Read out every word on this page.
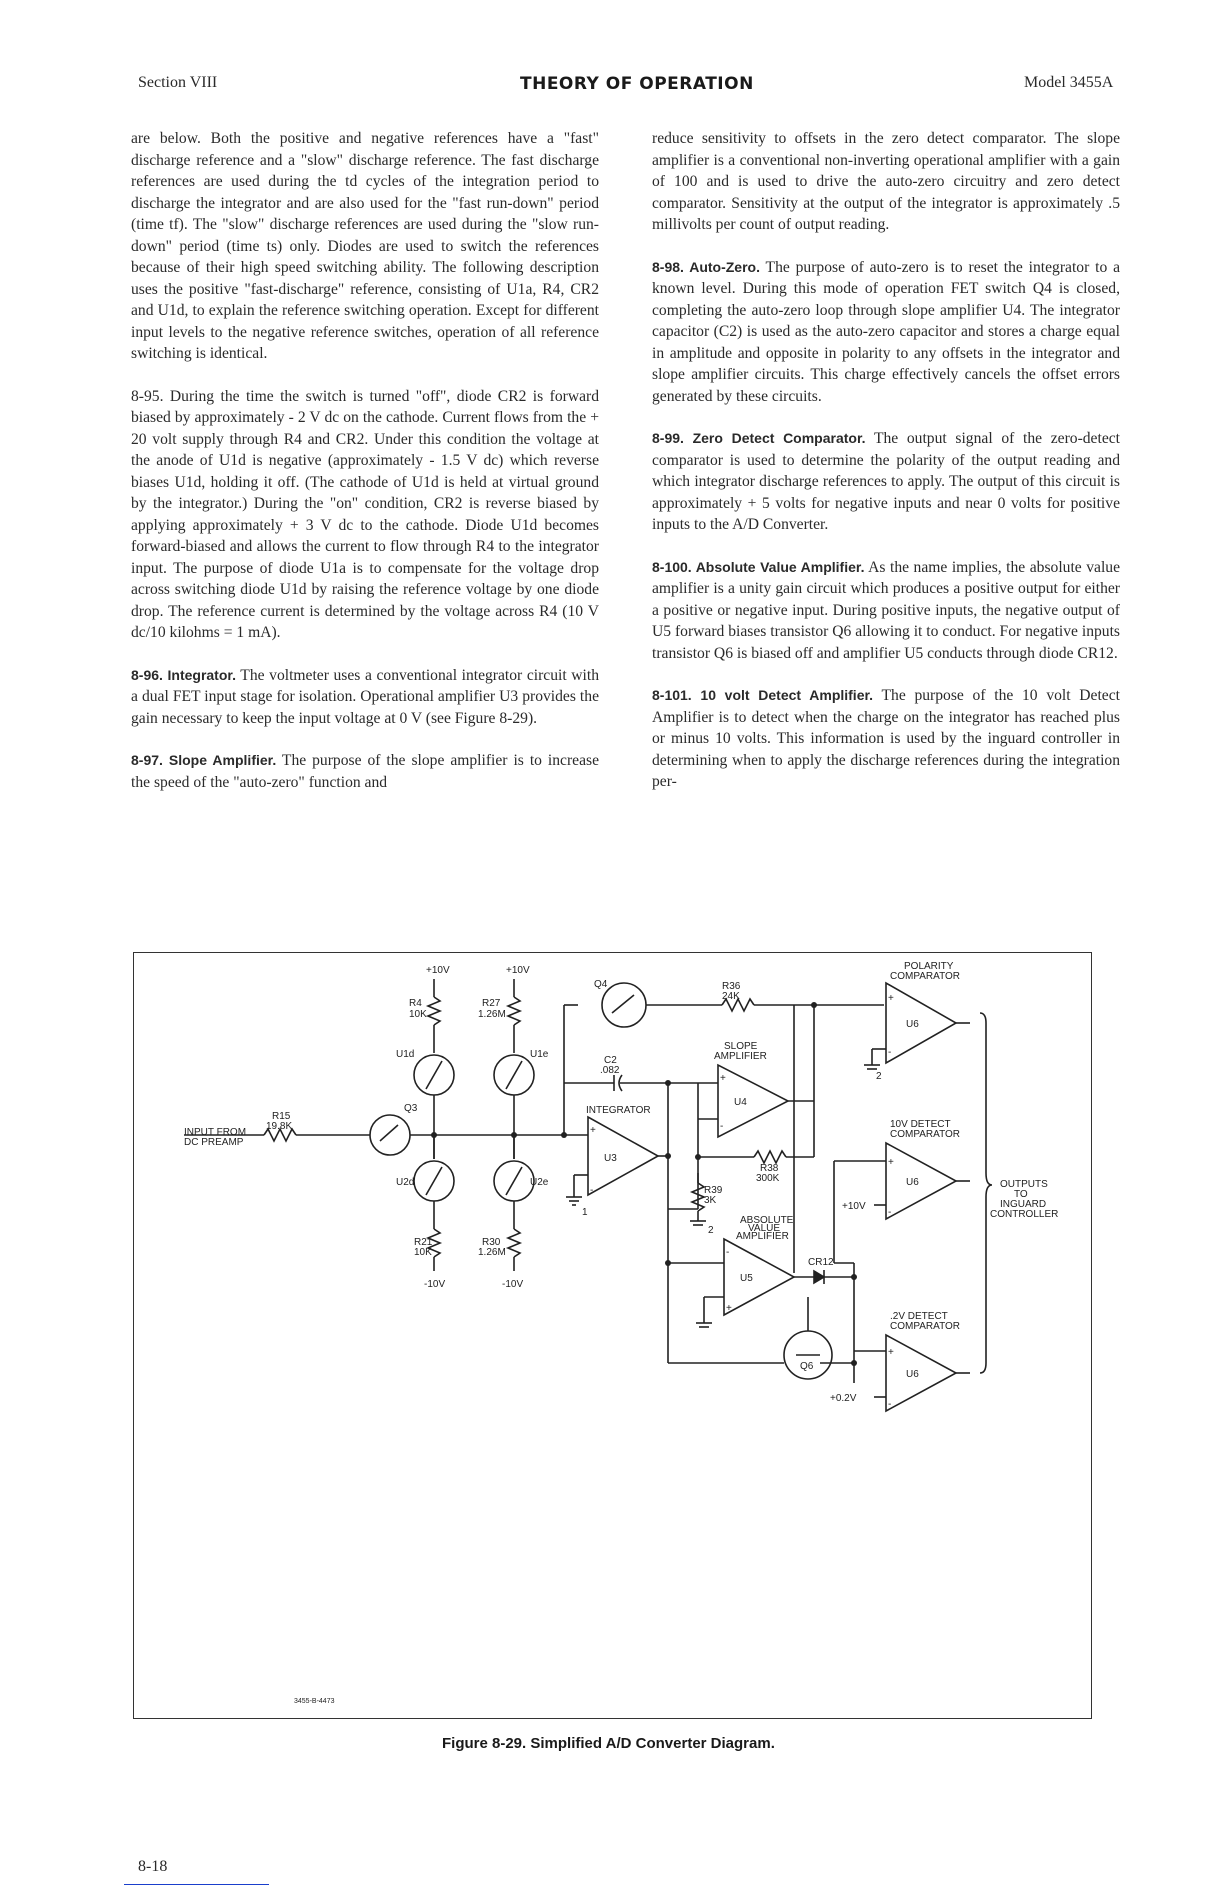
Section VIII	THEORY OF OPERATION	Model 3455A

are below. Both the positive and negative references have a "fast" discharge reference and a "slow" discharge reference. The fast discharge references are used during the td cycles of the integration period to discharge the integrator and are also used for the "fast run-down" period (time tf). The "slow" discharge references are used during the "slow run-down" period (time ts) only. Diodes are used to switch the references because of their high speed switching ability. The following description uses the positive "fast-discharge" reference, consisting of U1a, R4, CR2 and U1d, to explain the reference switching operation. Except for different input levels to the negative reference switches, operation of all reference switching is identical.

8-95. During the time the switch is turned "off", diode CR2 is forward biased by approximately - 2 V dc on the cathode. Current flows from the + 20 volt supply through R4 and CR2. Under this condition the voltage at the anode of U1d is negative (approximately - 1.5 V dc) which reverse biases U1d, holding it off. (The cathode of U1d is held at virtual ground by the integrator.) During the "on" condition, CR2 is reverse biased by applying approximately + 3 V dc to the cathode. Diode U1d becomes forward-biased and allows the current to flow through R4 to the integrator input. The purpose of diode U1a is to compensate for the voltage drop across switching diode U1d by raising the reference voltage by one diode drop. The reference current is determined by the voltage across R4 (10 V dc/10 kilohms = 1 mA).

8-96. Integrator. The voltmeter uses a conventional integrator circuit with a dual FET input stage for isolation. Operational amplifier U3 provides the gain necessary to keep the input voltage at 0 V (see Figure 8-29).

8-97. Slope Amplifier. The purpose of the slope amplifier is to increase the speed of the "auto-zero" function and

reduce sensitivity to offsets in the zero detect comparator. The slope amplifier is a conventional non-inverting operational amplifier with a gain of 100 and is used to drive the auto-zero circuitry and zero detect comparator. Sensitivity at the output of the integrator is approximately .5 millivolts per count of output reading.

8-98. Auto-Zero. The purpose of auto-zero is to reset the integrator to a known level. During this mode of operation FET switch Q4 is closed, completing the auto-zero loop through slope amplifier U4. The integrator capacitor (C2) is used as the auto-zero capacitor and stores a charge equal in amplitude and opposite in polarity to any offsets in the integrator and slope amplifier circuits. This charge effectively cancels the offset errors generated by these circuits.

8-99. Zero Detect Comparator. The output signal of the zero-detect comparator is used to determine the polarity of the output reading and which integrator discharge references to apply. The output of this circuit is approximately + 5 volts for negative inputs and near 0 volts for positive inputs to the A/D Converter.

8-100. Absolute Value Amplifier. As the name implies, the absolute value amplifier is a unity gain circuit which produces a positive output for either a positive or negative input. During positive inputs, the negative output of U5 forward biases transistor Q6 allowing it to conduct. For negative inputs transistor Q6 is biased off and amplifier U5 conducts through diode CR12.

8-101. 10 volt Detect Amplifier. The purpose of the 10 volt Detect Amplifier is to detect when the charge on the integrator has reached plus or minus 10 volts. This information is used by the inguard controller in determining when to apply the discharge references during the integration per-

+10V	+10V
R4
10K
R27
1.26M
U1d	U1e
Q3
Q4
R15
19.8K
INPUT FROM
DC PREAMP
U2d	U2e
R21
10K
R30
1.26M
-10V	-10V
C2
.082
INTEGRATOR
U3
R36
24K
SLOPE
AMPLIFIER
U4
R38
300K
R39
3K
POLARITY
COMPARATOR
U6
10V DETECT
COMPARATOR
U6
+10V
ABSOLUTE
VALUE
AMPLIFIER
U5
CR12
Q6
.2V DETECT
COMPARATOR
U6
+0.2V
OUTPUTS
TO
INGUARD
CONTROLLER
1
2
2
+
-
+
-
+
-
+
-
-
+
+
-
3455-B-4473
Figure 8-29. Simplified A/D Converter Diagram.
8-18
